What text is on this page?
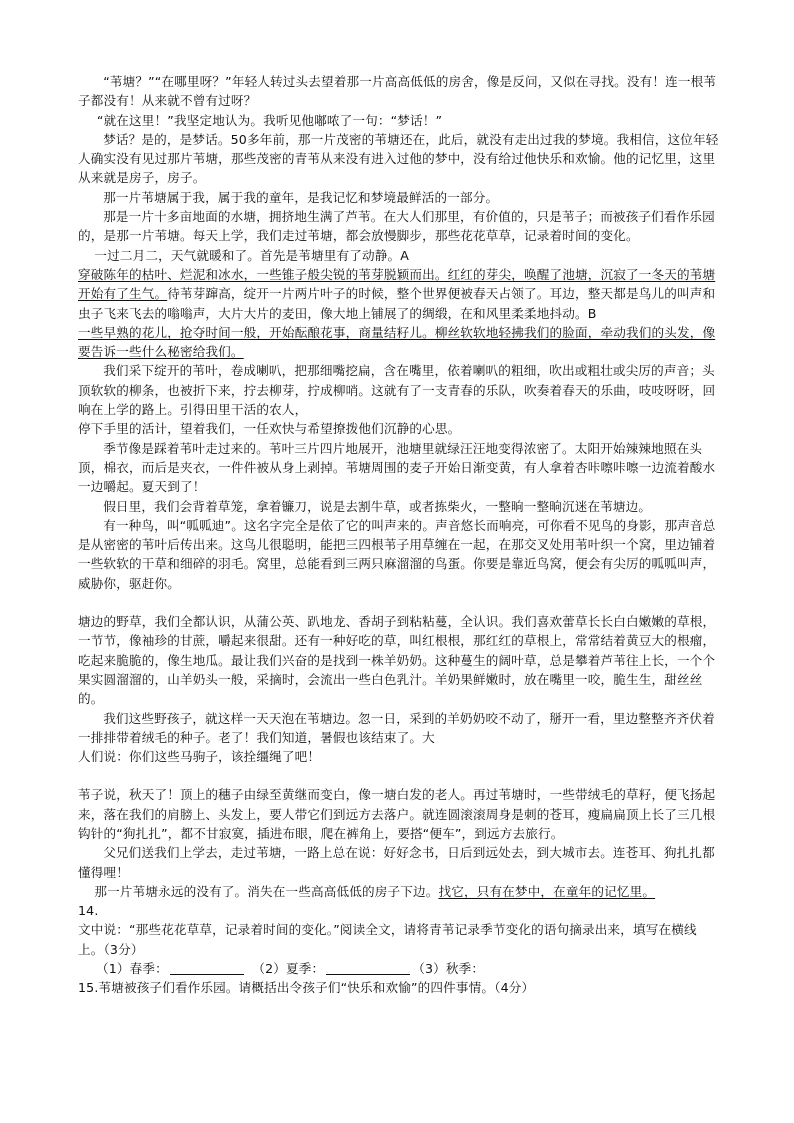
“苇塘？”“在哪里呀？”年轻人转过头去望着那一片高高低低的房舍，像是反问，又似在寻找。没有！连一根苇子都没有！从来就不曾有过呀？

“就在这里！”我坚定地认为。我听见他嘟哝了一句：“梦话！”

梦话？是的，是梦话。50多年前，那一片茂密的苇塘还在，此后，就没有走出过我的梦境。我相信，这位年轻人确实没有见过那片苇塘，那些茂密的青苇从来没有进入过他的梦中，没有给过他快乐和欢愉。他的记忆里，这里从来就是房子，房子。

那一片苇塘属于我，属于我的童年，是我记忆和梦境最鲜活的一部分。

那是一片十多亩地面的水塘，拥挤地生满了芦苇。在大人们那里，有价值的，只是苇子；而被孩子们看作乐园的，是那一片苇塘。每天上学，我们走过苇塘，都会放慢脚步，那些花花草草，记录着时间的变化。

一过二月二，天气就暖和了。首先是苇塘里有了动静。A
穿破陈年的枯叶、烂泥和冰水，一些锥子般尖锐的苇芽脱颖而出。红红的芽尖，唤醒了池塘，沉寂了一冬天的苇塘开始有了生气。待苇芽蹿高，绽开一片两片叶子的时候，整个世界便被春天占领了。耳边，整天都是鸟儿的叫声和虫子飞来飞去的嗡嗡声，大片大片的麦田，像大地上铺展了的绸缎，在和风里柔柔地抖动。B
一些早熟的花儿，抢夺时间一般，开始酝酿花事，商量结籽儿。柳丝软软地轻拂我们的脸面，牵动我们的头发，像要告诉一些什么秘密给我们。

我们采下绽开的苇叶，卷成喇叭，把那细嘴挖扁，含在嘴里，依着喇叭的粗细，吹出或粗壮或尖厉的声音；头顶软软的柳条，也被折下来，拧去柳芽，拧成柳哨。这就有了一支青春的乐队，吹奏着春天的乐曲，吱吱呀呀，回响在上学的路上。引得田里干活的农人，

停下手里的活计，望着我们，一任欢快与希望撩拨他们沉静的心思。

季节像是踩着苇叶走过来的。苇叶三片四片地展开，池塘里就绿汪汪地变得浓密了。太阳开始辣辣地照在头顶，棉衣，而后是夹衣，一件件被从身上剥掉。苇塘周围的麦子开始日渐变黄，有人拿着杏咔嚓咔嚓一边流着酸水一边嚼起。夏天到了！

假日里，我们会背着草笼，拿着镰刀，说是去割牛草，或者拣柴火，一整晌一整晌沉迷在苇塘边。

有一种鸟，叫“呱呱迪”。这名字完全是依了它的叫声来的。声音悠长而响亮，可你看不见鸟的身影，那声音总是从密密的苇叶后传出来。这鸟儿很聪明，能把三四根苇子用草缠在一起，在那交叉处用苇叶织一个窝，里边铺着一些软软的干草和细碎的羽毛。窝里，总能看到三两只麻溜溜的鸟蛋。你要是靠近鸟窝，便会有尖厉的呱呱叫声，威胁你，驱赶你。

塘边的野草，我们全都认识，从蒲公英、趴地龙、香胡子到粘粘蔓，全认识。我们喜欢蕾草长长白白嫩嫩的草根，一节节，像袖珍的甘蔗，嚼起来很甜。还有一种好吃的草，叫红根根，那红红的草根上，常常结着黄豆大的根瘤，吃起来脆脆的，像生地瓜。最让我们兴奋的是找到一株羊奶奶。这种蔓生的阔叶草，总是攀着芦苇往上长，一个个果实圆溜溜的，山羊奶头一般，采摘时，会流出一些白色乳汁。羊奶果鲜嫩时，放在嘴里一咬，脆生生，甜丝丝的。

我们这些野孩子，就这样一天天泡在苇塘边。忽一日，采到的羊奶奶咬不动了，掰开一看，里边整整齐齐伏着一排排带着绒毛的种子。老了！我们知道，暑假也该结束了。大

人们说：你们这些马驹子，该拴缰绳了吧！

苇子说，秋天了！顶上的穗子由绿至黄继而变白，像一塘白发的老人。再过苇塘时，一些带绒毛的草籽，便飞扬起来，落在我们的肩膀上、头发上，要人带它们到远方去落户。就连圆滚滚周身是刺的苍耳，瘦扁扁顶上长了三几根钩针的“狗扎扎”，都不甘寂寞，插进布眼，爬在裤角上，要搭“便车”，到远方去旅行。

父兄们送我们上学去，走过苇塘，一路上总在说：好好念书，日后到远处去，到大城市去。连苍耳、狗扎扎都懂得哩！

那一片苇塘永远的没有了。消失在一些高高低低的房子下边。找它，只有在梦中，在童年的记忆里。

14.

文中说：“那些花花草草，记录着时间的变化。”阅读全文，请将青苇记录季节变化的语句摘录出来，填写在横线上。（3分）

（1）春季：　	（2）夏季：	（3）秋季：

15.苇塘被孩子们看作乐园。请概括出令孩子们“快乐和欢愉”的四件事情。（4分）
